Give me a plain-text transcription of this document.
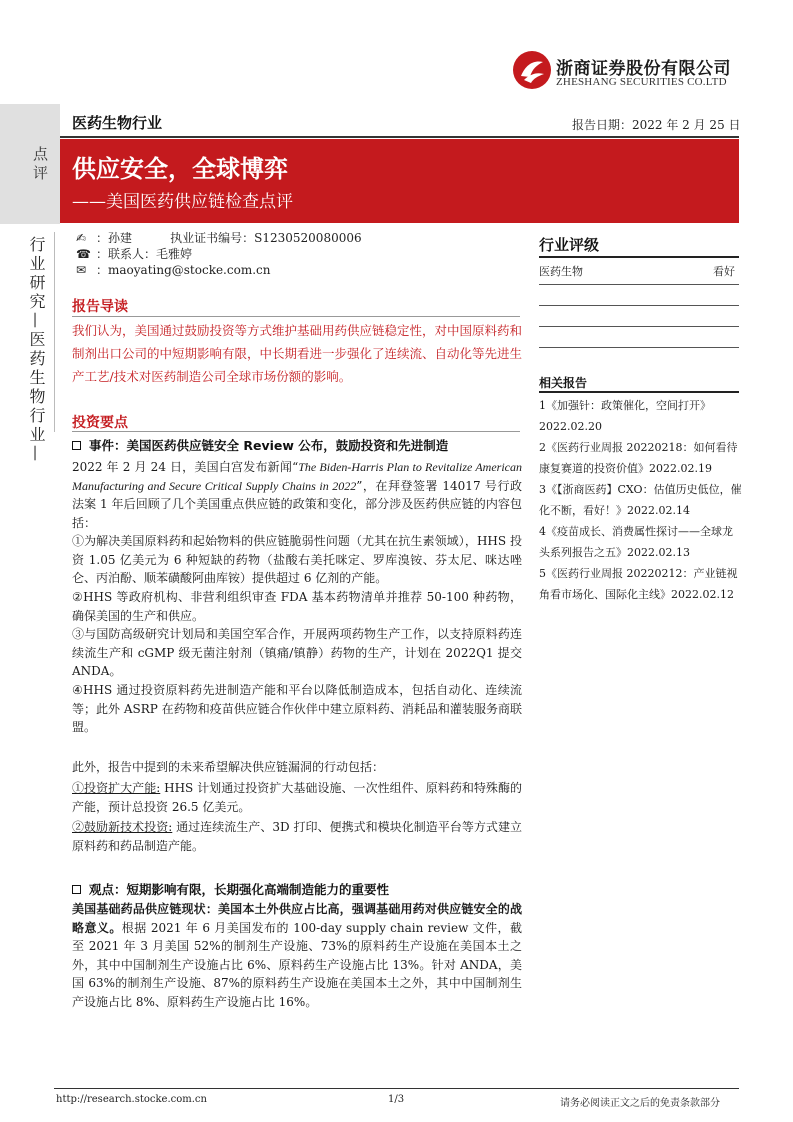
浙商证券股份有限公司
ZHESHANG SECURITIES CO.LTD
点评
医药生物行业	报告日期：2022 年 2 月 25 日
供应安全，全球博弈
——美国医药供应链检查点评
行业研究—医药生物行业—	✍ ：孙建          执业证书编号：S1230520080006
☎ ：联系人：毛雅婷
✉ ：maoyating@stocke.com.cn
报告导读
我们认为，美国通过鼓励投资等方式维护基础用药供应链稳定性，对中国原料药和制剂出口公司的中短期影响有限，中长期看进一步强化了连续流、自动化等先进生产工艺/技术对医药制造公司全球市场份额的影响。
投资要点
事件：美国医药供应链安全 Review 公布，鼓励投资和先进制造
2022 年 2 月 24 日，美国白宫发布新闻“The Biden-Harris Plan to Revitalize American Manufacturing and Secure Critical Supply Chains in 2022”，在拜登签署 14017 号行政法案 1 年后回顾了几个美国重点供应链的政策和变化，部分涉及医药供应链的内容包括：
①为解决美国原料药和起始物料的供应链脆弱性问题（尤其在抗生素领域），HHS 投资 1.05 亿美元为 6 种短缺的药物（盐酸右美托咪定、罗库溴铵、芬太尼、咪达唑仑、丙泊酚、顺苯磺酸阿曲库铵）提供超过 6 亿剂的产能。
②HHS 等政府机构、非营利组织审查 FDA 基本药物清单并推荐 50-100 种药物，确保美国的生产和供应。
③与国防高级研究计划局和美国空军合作，开展两项药物生产工作，以支持原料药连续流生产和 cGMP 级无菌注射剂（镇痛/镇静）药物的生产，计划在 2022Q1 提交 ANDA。
④HHS 通过投资原料药先进制造产能和平台以降低制造成本，包括自动化、连续流等；此外 ASRP 在药物和疫苗供应链合作伙伴中建立原料药、消耗品和灌装服务商联盟。
此外，报告中提到的未来希望解决供应链漏洞的行动包括：
①投资扩大产能: HHS 计划通过投资扩大基础设施、一次性组件、原料药和特殊酶的产能，预计总投资 26.5 亿美元。
②鼓励新技术投资: 通过连续流生产、3D 打印、便携式和模块化制造平台等方式建立原料药和药品制造产能。
观点：短期影响有限，长期强化高端制造能力的重要性
美国基础药品供应链现状：美国本土外供应占比高，强调基础用药对供应链安全的战略意义。根据 2021 年 6 月美国发布的 100-day supply chain review 文件，截至 2021 年 3 月美国 52%的制剂生产设施、73%的原料药生产设施在美国本土之外，其中中国制剂生产设施占比 6%、原料药生产设施占比 13%。针对 ANDA，美国 63%的制剂生产设施、87%的原料药生产设施在美国本土之外，其中中国制剂生产设施占比 8%、原料药生产设施占比 16%。
行业评级
医药生物	看好
相关报告
1《加强针：政策催化，空间打开》2022.02.20
2《医药行业周报 20220218：如何看待康复赛道的投资价值》2022.02.19
3《【浙商医药】CXO：估值历史低位，催化不断，看好！》2022.02.14
4《疫苗成长、消费属性探讨——全球龙头系列报告之五》2022.02.13
5《医药行业周报 20220212：产业链视角看市场化、国际化主线》2022.02.12
http://research.stocke.com.cn	1/3	请务必阅读正文之后的免责条款部分
